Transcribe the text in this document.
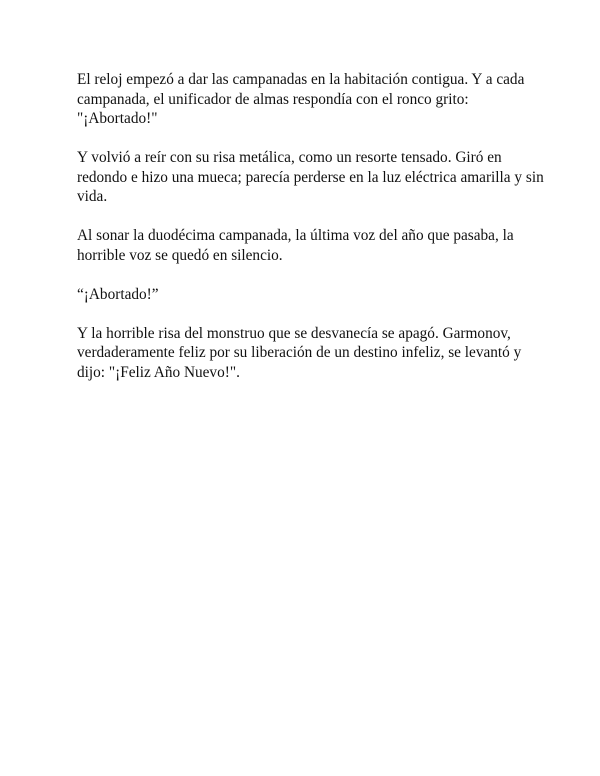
El reloj empezó a dar las campanadas en la habitación contigua. Y a cada
campanada, el unificador de almas respondía con el ronco grito:
"¡Abortado!"

Y volvió a reír con su risa metálica, como un resorte tensado. Giró en
redondo e hizo una mueca; parecía perderse en la luz eléctrica amarilla y sin
vida.

Al sonar la duodécima campanada, la última voz del año que pasaba, la
horrible voz se quedó en silencio.

“¡Abortado!”

Y la horrible risa del monstruo que se desvanecía se apagó. Garmonov,
verdaderamente feliz por su liberación de un destino infeliz, se levantó y
dijo: "¡Feliz Año Nuevo!".
